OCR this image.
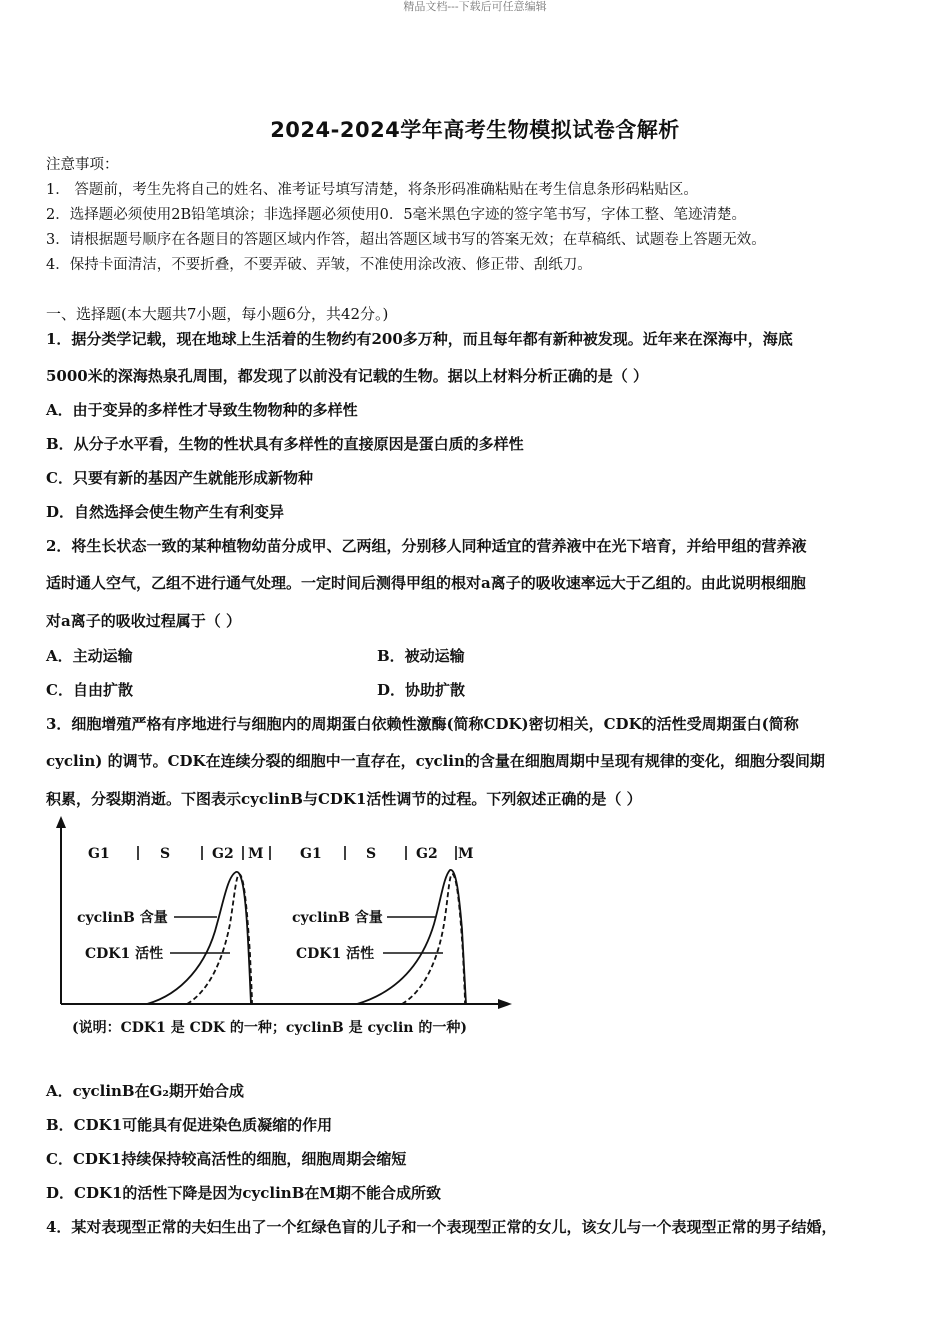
精品文档---下载后可任意编辑
2024-2024学年高考生物模拟试卷含解析
注意事项：
1． 答题前，考生先将自己的姓名、准考证号填写清楚，将条形码准确粘贴在考生信息条形码粘贴区。
2．选择题必须使用2B铅笔填涂；非选择题必须使用0．5毫米黑色字迹的签字笔书写，字体工整、笔迹清楚。
3．请根据题号顺序在各题目的答题区域内作答，超出答题区域书写的答案无效；在草稿纸、试题卷上答题无效。
4．保持卡面清洁，不要折叠，不要弄破、弄皱，不准使用涂改液、修正带、刮纸刀。
一、选择题(本大题共7小题，每小题6分，共42分。)
1．据分类学记载，现在地球上生活着的生物约有200多万种，而且每年都有新种被发现。近年来在深海中，海底
5000米的深海热泉孔周围，都发现了以前没有记载的生物。据以上材料分析正确的是（ ）
A．由于变异的多样性才导致生物物种的多样性
B．从分子水平看，生物的性状具有多样性的直接原因是蛋白质的多样性
C．只要有新的基因产生就能形成新物种
D．自然选择会使生物产生有利变异
2．将生长状态一致的某种植物幼苗分成甲、乙两组，分别移人同种适宜的营养液中在光下培育，并给甲组的营养液
适时通人空气，乙组不进行通气处理。一定时间后测得甲组的根对a离子的吸收速率远大于乙组的。由此说明根细胞
对a离子的吸收过程属于（ ）
A．主动运输	B．被动运输
C．自由扩散	D．协助扩散
3．细胞增殖严格有序地进行与细胞内的周期蛋白依赖性激酶(简称CDK)密切相关，CDK的活性受周期蛋白(简称
cyclin) 的调节。CDK在连续分裂的细胞中一直存在，cyclin的含量在细胞周期中呈现有规律的变化，细胞分裂间期
积累，分裂期消逝。下图表示cyclinB与CDK1活性调节的过程。下列叙述正确的是（ ）
G1	S	G2 M	G1	S	G2 M
cyclinB 含量
CDK1 活性
cyclinB 含量
CDK1 活性
(说明：CDK1 是 CDK 的一种；cyclinB 是 cyclin 的一种)
A．cyclinB在G₂期开始合成
B．CDK1可能具有促进染色质凝缩的作用
C．CDK1持续保持较高活性的细胞，细胞周期会缩短
D．CDK1的活性下降是因为cyclinB在M期不能合成所致
4．某对表现型正常的夫妇生出了一个红绿色盲的儿子和一个表现型正常的女儿，该女儿与一个表现型正常的男子结婚，
